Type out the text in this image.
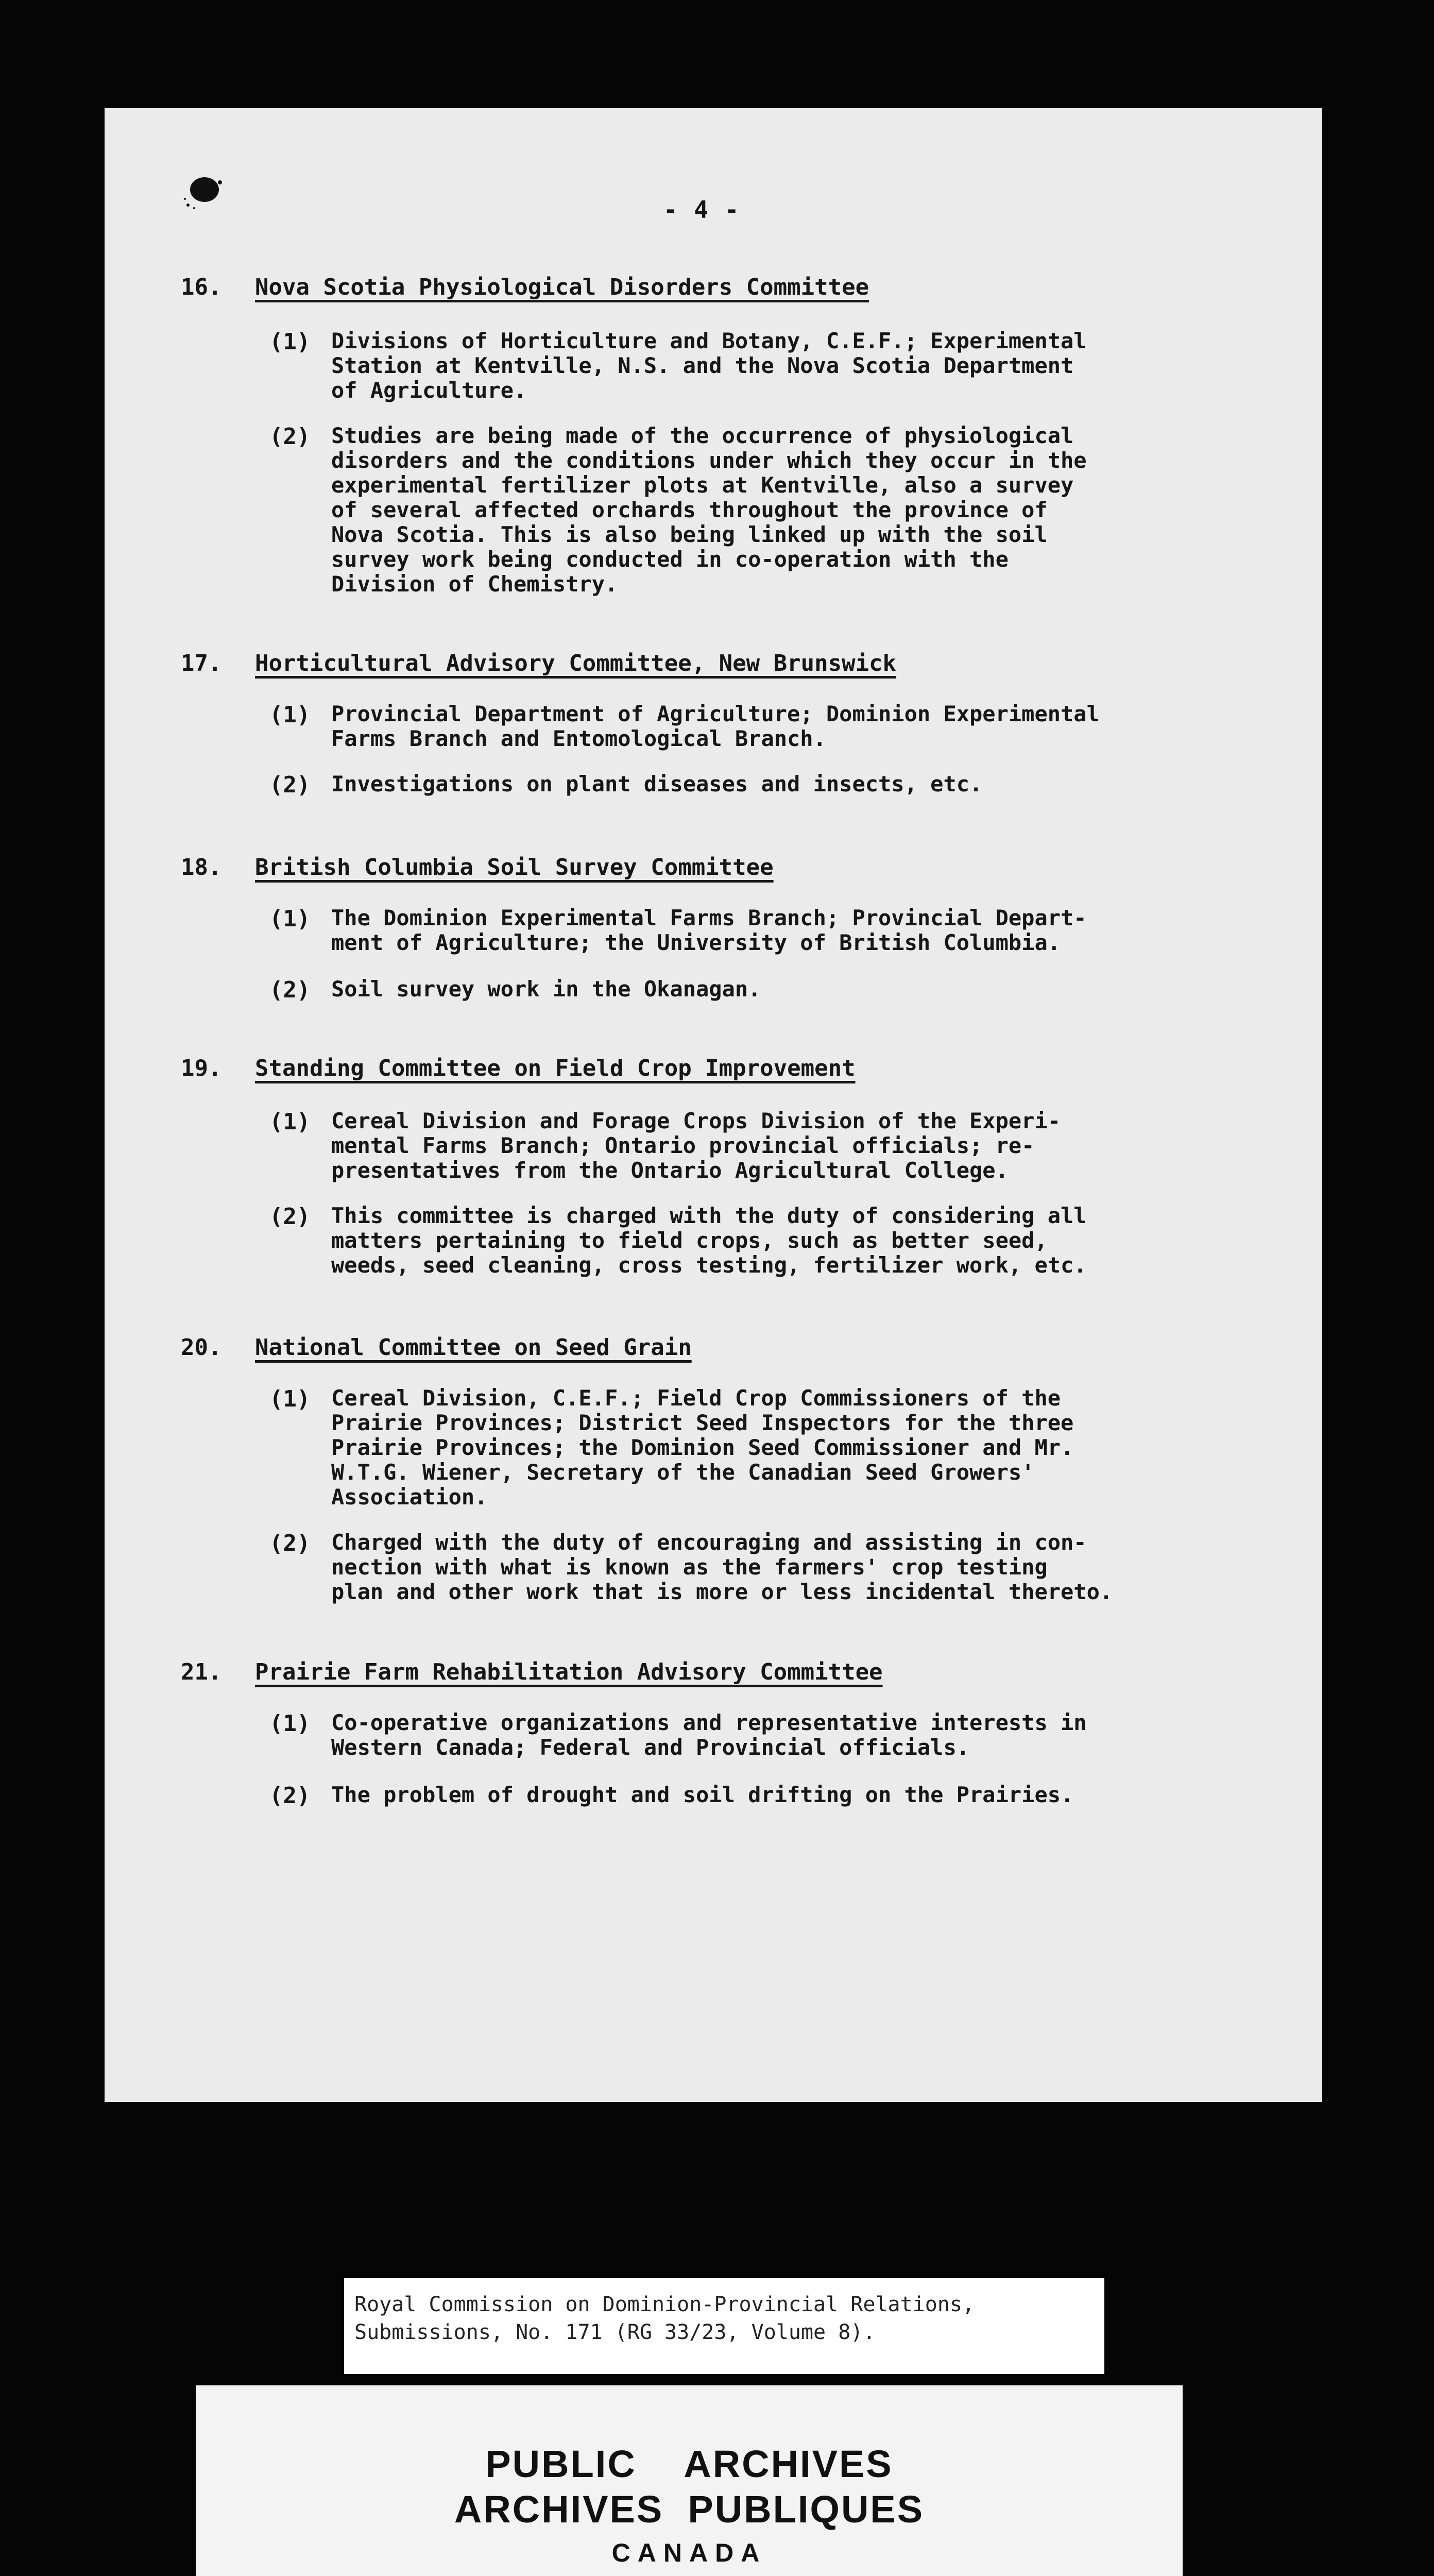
- 4 -
16. Nova Scotia Physiological Disorders Committee
(1) Divisions of Horticulture and Botany, C.E.F.; Experimental
Station at Kentville, N.S. and the Nova Scotia Department
of Agriculture.
(2) Studies are being made of the occurrence of physiological
disorders and the conditions under which they occur in the
experimental fertilizer plots at Kentville, also a survey
of several affected orchards throughout the province of
Nova Scotia. This is also being linked up with the soil
survey work being conducted in co-operation with the
Division of Chemistry.
17. Horticultural Advisory Committee, New Brunswick
(1) Provincial Department of Agriculture; Dominion Experimental
Farms Branch and Entomological Branch.
(2) Investigations on plant diseases and insects, etc.
18. British Columbia Soil Survey Committee
(1) The Dominion Experimental Farms Branch; Provincial Depart-
ment of Agriculture; the University of British Columbia.
(2) Soil survey work in the Okanagan.
19. Standing Committee on Field Crop Improvement
(1) Cereal Division and Forage Crops Division of the Experi-
mental Farms Branch; Ontario provincial officials; re-
presentatives from the Ontario Agricultural College.
(2) This committee is charged with the duty of considering all
matters pertaining to field crops, such as better seed,
weeds, seed cleaning, cross testing, fertilizer work, etc.
20. National Committee on Seed Grain
(1) Cereal Division, C.E.F.; Field Crop Commissioners of the
Prairie Provinces; District Seed Inspectors for the three
Prairie Provinces; the Dominion Seed Commissioner and Mr.
W.T.G. Wiener, Secretary of the Canadian Seed Growers'
Association.
(2) Charged with the duty of encouraging and assisting in con-
nection with what is known as the farmers' crop testing
plan and other work that is more or less incidental thereto.
21. Prairie Farm Rehabilitation Advisory Committee
(1) Co-operative organizations and representative interests in
Western Canada; Federal and Provincial officials.
(2) The problem of drought and soil drifting on the Prairies.
Royal Commission on Dominion-Provincial Relations,
Submissions, No. 171 (RG 33/23, Volume 8).
PUBLIC    ARCHIVES
ARCHIVES  PUBLIQUES
CANADA
